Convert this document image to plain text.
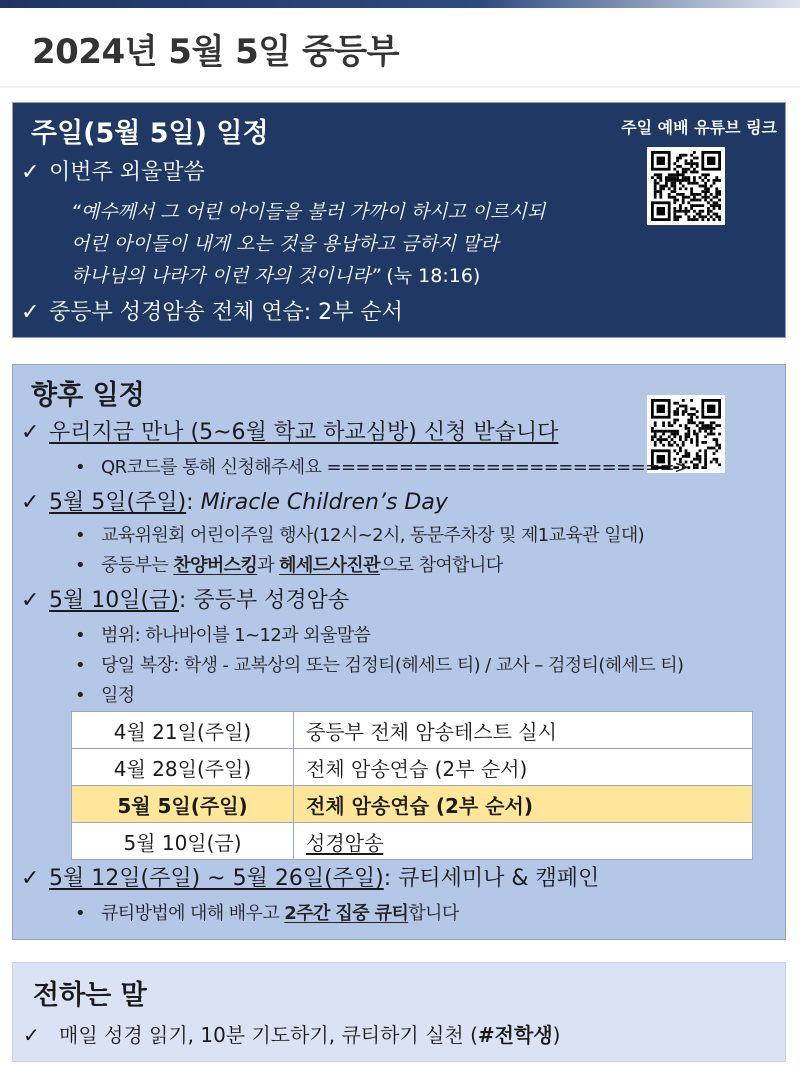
2024년 5월 5일 중등부
주일(5월 5일) 일정	주일 예배 유튜브 링크
✓ 이번주 외울말씀
“예수께서 그 어린 아이들을 불러 가까이 하시고 이르시되
어린 아이들이 내게 오는 것을 용납하고 금하지 말라
하나님의 나라가 이런 자의 것이니라” (눅 18:16)
✓ 중등부 성경암송 전체 연습: 2부 순서
향후 일정
✓ 우리지금 만나 (5~6월 학교 하교심방) 신청 받습니다
• QR코드를 통해 신청해주세요 ========================>
✓ 5월 5일(주일): Miracle Children’s Day
• 교육위원회 어린이주일 행사(12시~2시, 동문주차장 및 제1교육관 일대)
• 중등부는 찬양버스킹과 헤세드사진관으로 참여합니다
✓ 5월 10일(금): 중등부 성경암송
• 범위: 하나바이블 1~12과 외울말씀
• 당일 복장: 학생 - 교복상의 또는 검정티(헤세드 티) / 교사 – 검정티(헤세드 티)
• 일정
4월 21일(주일)	중등부 전체 암송테스트 실시
4월 28일(주일)	전체 암송연습 (2부 순서)
5월 5일(주일)	전체 암송연습 (2부 순서)
5월 10일(금)	성경암송
✓ 5월 12일(주일) ~ 5월 26일(주일): 큐티세미나 & 캠페인
• 큐티방법에 대해 배우고 2주간 집중 큐티합니다
전하는 말
✓ 매일 성경 읽기, 10분 기도하기, 큐티하기 실천 (#전학생)
